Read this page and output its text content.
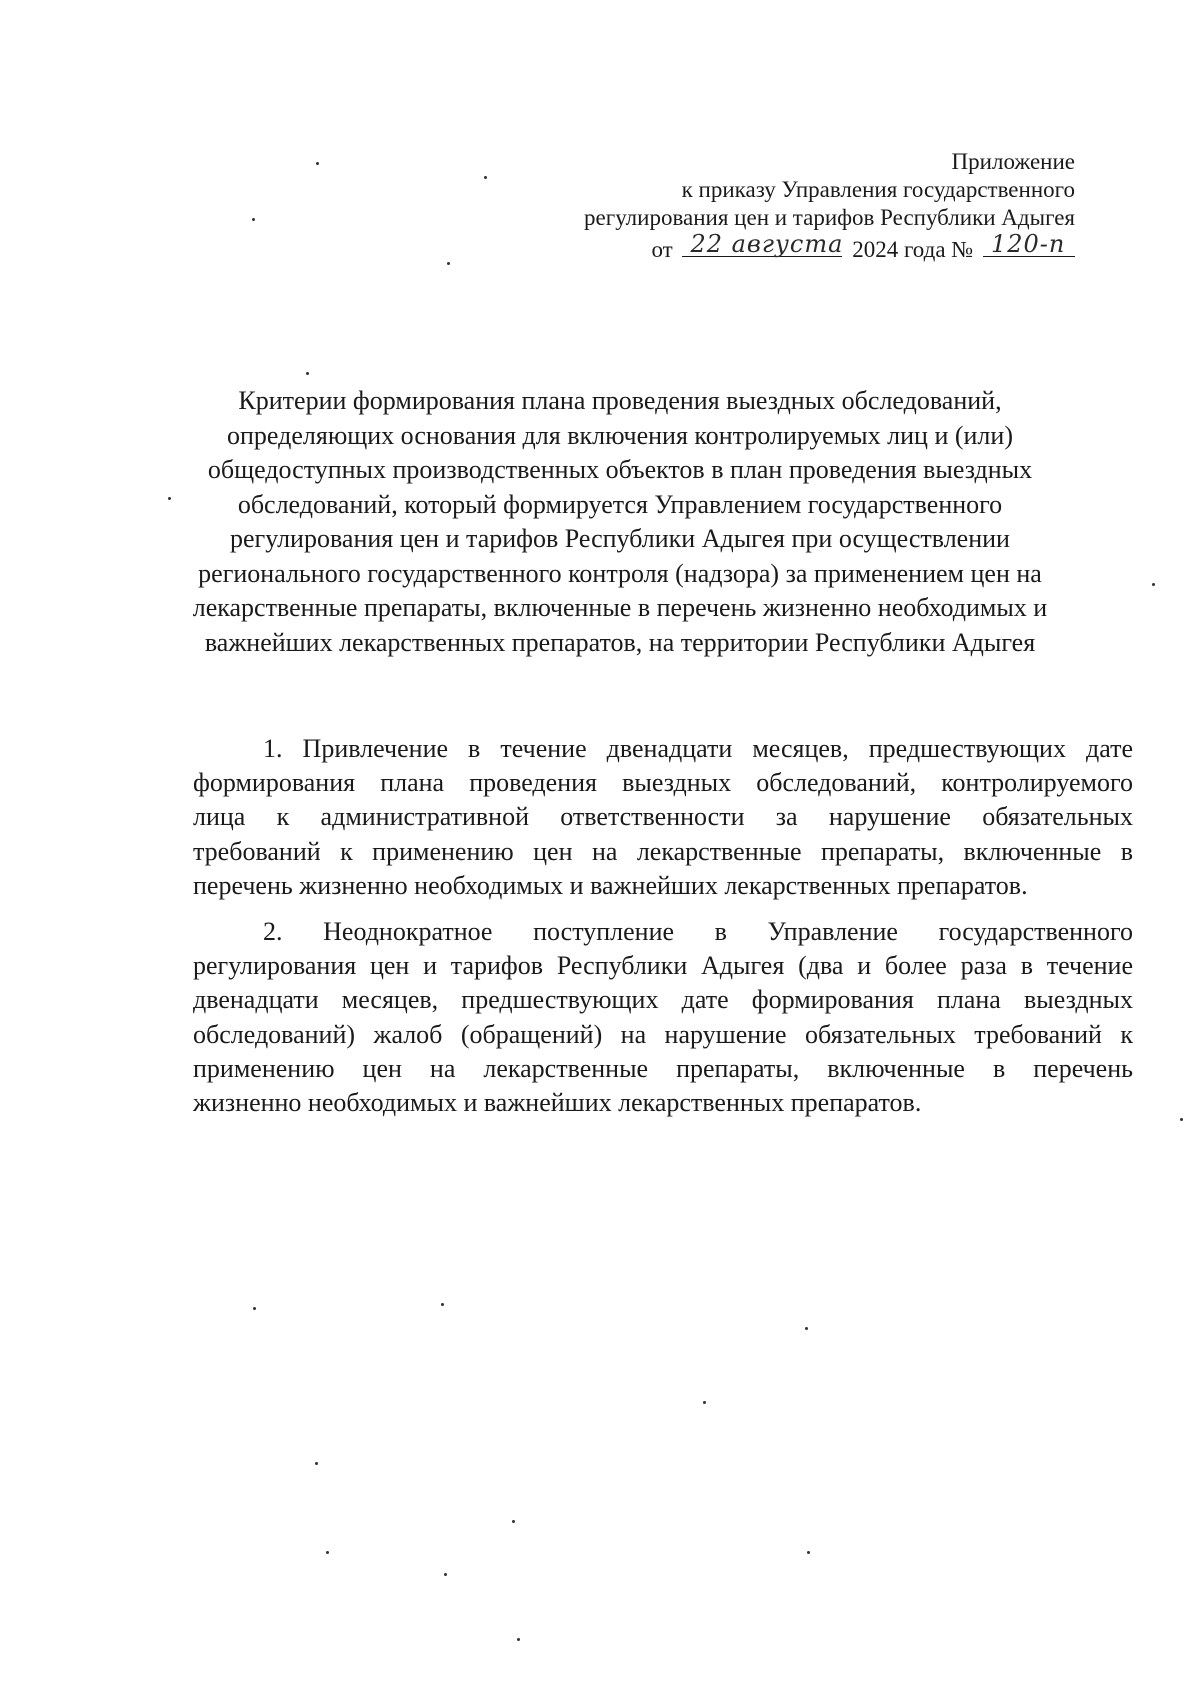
Приложение
к приказу Управления государственного
регулирования цен и тарифов Республики Адыгея
от 22 августа 2024 года № 120-п
Критерии формирования плана проведения выездных обследований,
определяющих основания для включения контролируемых лиц и (или)
общедоступных производственных объектов в план проведения выездных
обследований, который формируется Управлением государственного
регулирования цен и тарифов Республики Адыгея при осуществлении
регионального государственного контроля (надзора) за применением цен на
лекарственные препараты, включенные в перечень жизненно необходимых и
важнейших лекарственных препаратов, на территории Республики Адыгея
1. Привлечение в течение двенадцати месяцев, предшествующих дате
формирования плана проведения выездных обследований, контролируемого
лица к административной ответственности за нарушение обязательных
требований к применению цен на лекарственные препараты, включенные в
перечень жизненно необходимых и важнейших лекарственных препаратов.
2. Неоднократное поступление в Управление государственного
регулирования цен и тарифов Республики Адыгея (два и более раза в течение
двенадцати месяцев, предшествующих дате формирования плана выездных
обследований) жалоб (обращений) на нарушение обязательных требований к
применению цен на лекарственные препараты, включенные в перечень
жизненно необходимых и важнейших лекарственных препаратов.
